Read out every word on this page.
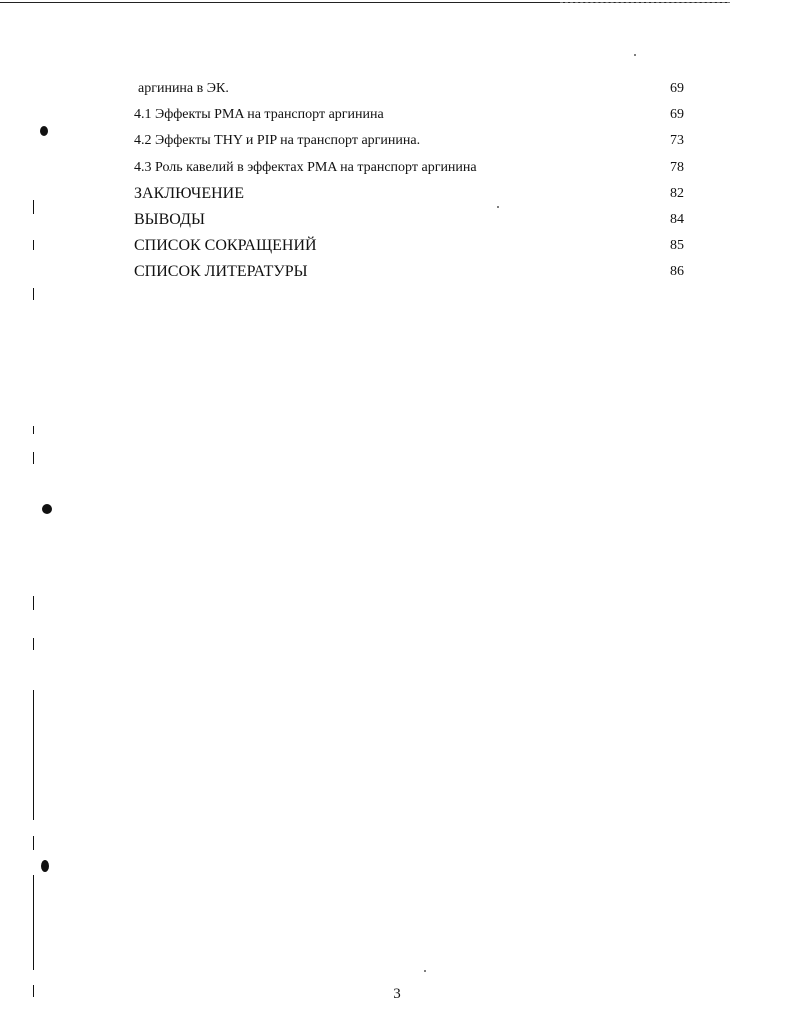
аргинина в ЭК.	69
4.1 Эффекты PMA на транспорт аргинина	69
4.2 Эффекты THY и PIP на транспорт аргинина.	73
4.3 Роль кавелий в эффектах PMA на транспорт аргинина	78
ЗАКЛЮЧЕНИЕ	82
ВЫВОДЫ	84
СПИСОК СОКРАЩЕНИЙ	85
СПИСОК ЛИТЕРАТУРЫ	86
3
